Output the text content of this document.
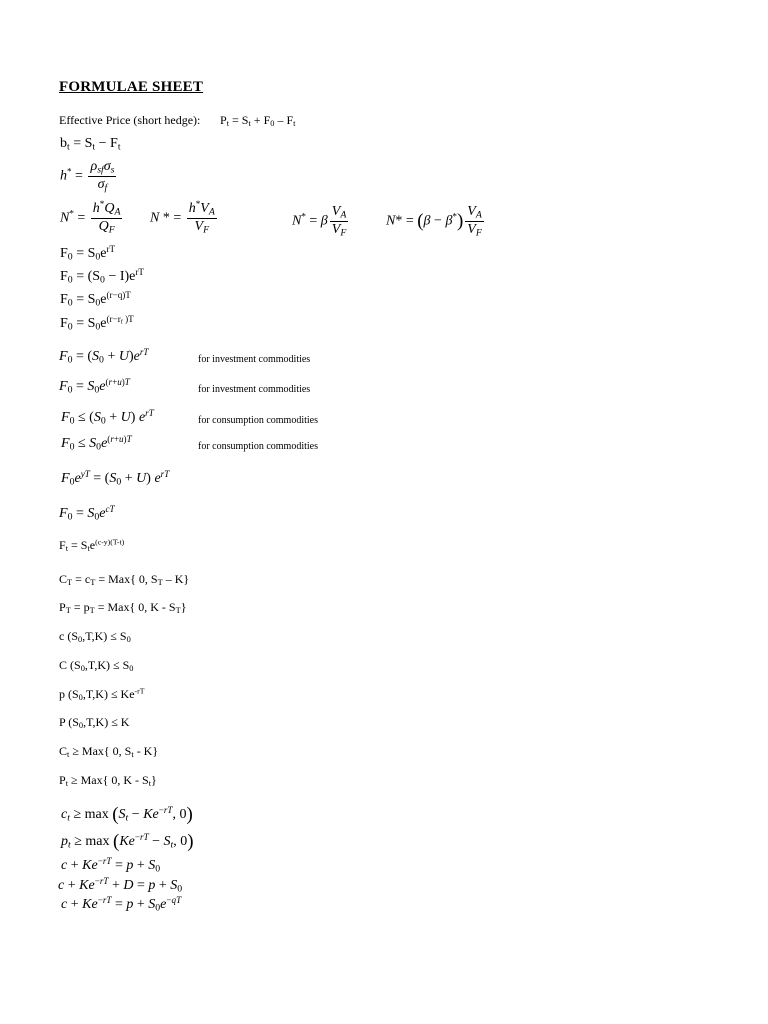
FORMULAE SHEET
Effective Price (short hedge): $P_t = S_t + F_0 - F_t$
$b_t = S_t - F_t$
$h^* = \frac{\rho_{sf}\sigma_s}{\sigma_f}$
$N^* = \frac{h^*Q_A}{Q_F}$ N * = $\frac{h^*V_A}{V_F}$	N* = β $\frac{V_A}{V_F}$	$N* = (\beta - \beta^*) \frac{V_A}{V_F}$
$F_0 = S_0e^{rT}$
$F_0 = (S_0 - I)e^{rT}$
$F_0 = S_0e^{(r-q)T}$
$F_0 = S_0e^{(r-r_f )T}$
$F_0 = (S_0 + U)e^{rT}$
for investment commodities
$F_0 = S_0e^{(r+u)T}$
for investment commodities
$F_0 \le (S_0 + U)$ $e^{rT}$
for consumption commodities
$F_0 \le S_0e^{(r+u)T}$
for consumption commodities
$F_0e^{yT} = (S_0 + U)$ $e^{rT}$
$F_0 = S_0e^{cT}$
$F_t = S_te^{(c-y)(T-t)}$
$C_T = c_T = Max${ 0, $S_T - K$}
$P_T = p_T = Max${ 0, K - $S_T$}
c $(S_0,T,K) \le S_0$
C $(S_0,T,K) \le S_0$
p $(S_0,T,K) \le Ke^{-rT}$
P $(S_0,T,K) \le K$
$C_t \ge Max${ 0, $S_t - K$}
$P_t \ge Max${ 0, K - $S_t$}
$c_t \ge \max (S_t - Ke^{-rT}$, 0)
$p_t \ge \max (Ke^{-rT} - S_t$, 0)
$c + Ke^{-rT} = p + S_0$
$c + Ke^{-rT} + D = p + S_0$
$c + Ke^{-rT} = p + S_0e^{-qT}$
